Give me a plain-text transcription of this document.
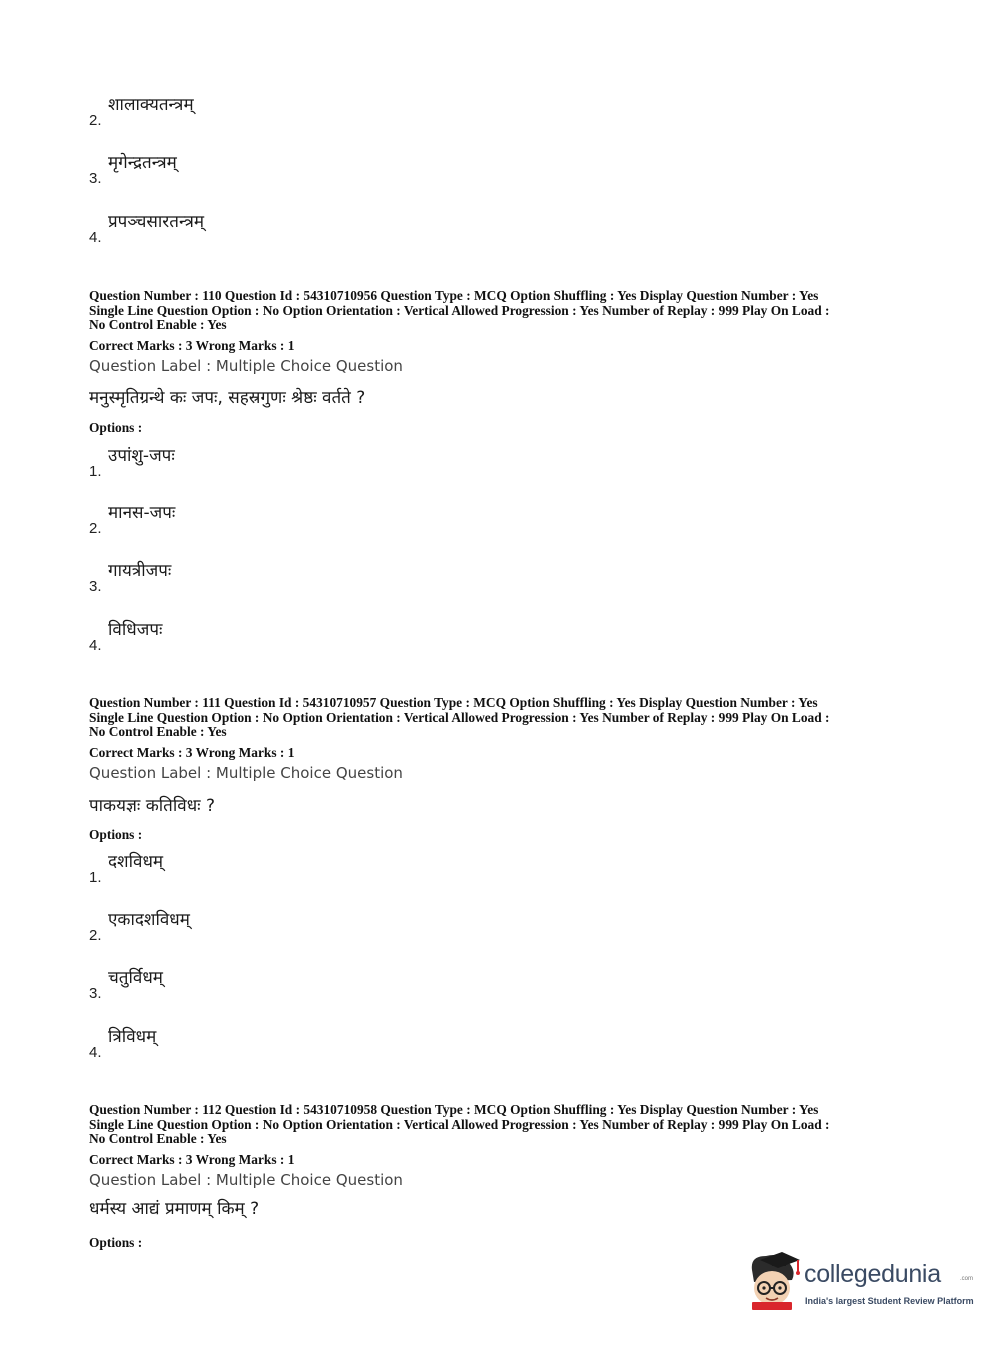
2.
शालाक्यतन्त्रम्
3.
मृगेन्द्रतन्त्रम्
4.
प्रपञ्चसारतन्त्रम्

Question Number : 110 Question Id : 54310710956 Question Type : MCQ Option Shuffling : Yes Display Question Number : Yes

Single Line Question Option : No Option Orientation : Vertical Allowed Progression : Yes Number of Replay : 999 Play On Load :

No Control Enable : Yes

Correct Marks : 3 Wrong Marks : 1
Question Label : Multiple Choice Question
मनुस्मृतिग्रन्थे कः जपः, सहस्रगुणः श्रेष्ठः वर्तते ?
Options :
1.
उपांशु-जपः
2.
मानस-जपः
3.
गायत्रीजपः
4.
विधिजपः

Question Number : 111 Question Id : 54310710957 Question Type : MCQ Option Shuffling : Yes Display Question Number : Yes

Single Line Question Option : No Option Orientation : Vertical Allowed Progression : Yes Number of Replay : 999 Play On Load :

No Control Enable : Yes

Correct Marks : 3 Wrong Marks : 1
Question Label : Multiple Choice Question
पाकयज्ञः कतिविधः ?
Options :
1.
दशविधम्
2.
एकादशविधम्
3.
चतुर्विधम्
4.
त्रिविधम्

Question Number : 112 Question Id : 54310710958 Question Type : MCQ Option Shuffling : Yes Display Question Number : Yes

Single Line Question Option : No Option Orientation : Vertical Allowed Progression : Yes Number of Replay : 999 Play On Load :

No Control Enable : Yes

Correct Marks : 3 Wrong Marks : 1
Question Label : Multiple Choice Question
धर्मस्य आद्यं प्रमाणम् किम् ?
Options :
collegedunia	.com
India's largest Student Review Platform
